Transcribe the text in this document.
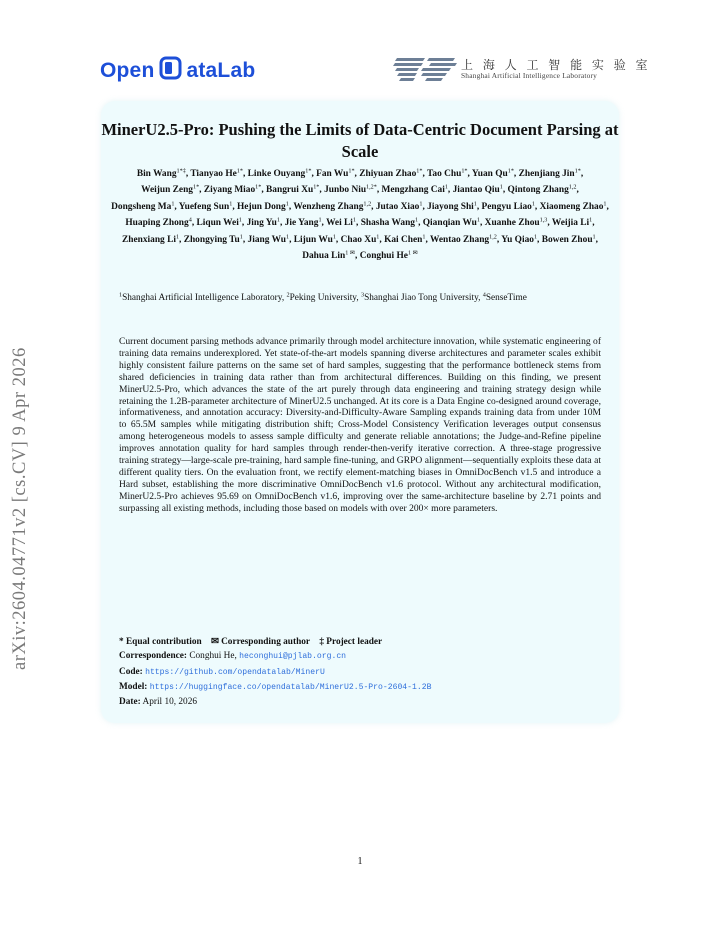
Open ataLab	上 海 人 工 智 能 实 验 室
Shanghai Artificial Intelligence Laboratory
arXiv:2604.04771v2 [cs.CV] 9 Apr 2026
MinerU2.5-Pro: Pushing the Limits of Data-Centric Document Parsing at Scale
Bin Wang$^{1*\ddagger}$, Tianyao $He^{1*}$, Linke Ouyang$^{1*}$, Fan $Wu^{1*}$, Zhiyuan Zhao$^{1*}$, Tao Chu$^{1*}$, Yuan $Qu^{1*}$, Zhenjiang Jin$^{1*}$, Weijun Zeng$^{1*}$, Ziyang Miao$^{1*}$, Bangrui $Xu^{1*}$, Junbo Niu$^{1,2*}$, Mengzhang Cai$^1$, Jiantao Qiu$^1$, Qintong Zhang$^{1,2}$, Dongsheng Ma$^1$, Yuefeng Sun$^1$, Hejun Dong$^1$, Wenzheng Zhang$^{1,2}$, Jutao Xiao$^1$, Jiayong Shi$^1$, Pengyu Liao$^1$, Xiaomeng Zhao$^1$, Huaping Zhong$^4$, Liqun Wei$^1$, Jing Yu$^1$, Jie Yang$^1$, Wei Li$^1$, Shasha Wang$^1$, Qianqian Wu$^1$, Xuanhe Zhou$^{1,3}$, Weijia Li$^1$, Zhenxiang Li$^1$, Zhongying Tu$^1$, Jiang Wu$^1$, Lijun Wu$^1$, Chao Xu$^1$, Kai Chen$^1$, Wentao Zhang$^{1,2}$, Yu Qiao$^1$, Bowen Zhou$^1$, Dahua Lin$^{1 ✉}$, Conghui $He^{1 ✉}$
$^1$Shanghai Artificial Intelligence Laboratory, $^2$Peking University, $^3$Shanghai Jiao Tong University, $^4$SenseTime
Current document parsing methods advance primarily through model architecture innovation, while systematic engineering of training data remains underexplored. Yet state-of-the-art models spanning diverse architectures and parameter scales exhibit highly consistent failure patterns on the same set of hard samples, suggesting that the performance bottleneck stems from shared deficiencies in training data rather than from architectural differences. Building on this finding, we present MinerU2.5-Pro, which advances the state of the art purely through data engineering and training strategy design while retaining the 1.2B-parameter architecture of MinerU2.5 unchanged. At its core is a Data Engine co-designed around coverage, informativeness, and annotation accuracy: Diversity-and-Difficulty-Aware Sampling expands training data from under 10M to 65.5M samples while mitigating distribution shift; Cross-Model Consistency Verification leverages output consensus among heterogeneous models to assess sample difficulty and generate reliable annotations; the Judge-and-Refine pipeline improves annotation quality for hard samples through render-then-verify iterative correction. A three-stage progressive training strategy—large-scale pre-training, hard sample fine-tuning, and GRPO alignment—sequentially exploits these data at different quality tiers. On the evaluation front, we rectify element-matching biases in OmniDocBench v1.5 and introduce a Hard subset, establishing the more discriminative OmniDocBench v1.6 protocol. Without any architectural modification, MinerU2.5-Pro achieves 95.69 on OmniDocBench v1.6, improving over the same-architecture baseline by 2.71 points and surpassing all existing methods, including those based on models with over 200× more parameters.
* Equal contribution ✉ Corresponding author ‡ Project leader
Correspondence: Conghui He, heconghui@pjlab.org.cn
Code: https://github.com/opendatalab/MinerU
Model: https://huggingface.co/opendatalab/MinerU2.5-Pro-2604-1.2B
Date: April 10, 2026
1
